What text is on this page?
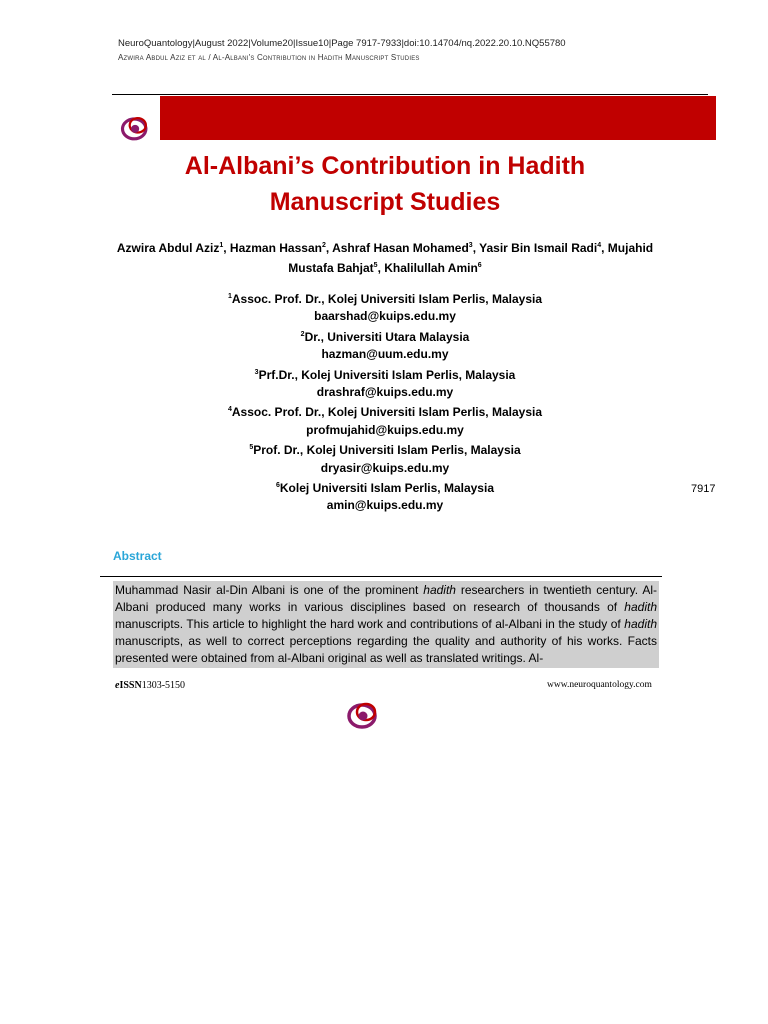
NeuroQuantology|August 2022|Volume20|Issue10|Page 7917-7933|doi:10.14704/nq.2022.20.10.NQ55780
Azwira Abdul Aziz et al / Al-Albani's Contribution in Hadith Manuscript Studies
Al-Albani’s Contribution in Hadith
Manuscript Studies
Azwira Abdul Aziz$^1$, Hazman Hassan$^2$, Ashraf Hasan Mohamed$^3$, Yasir Bin Ismail Radi$^4$, Mujahid Mustafa Bahjat$^5$, Khalilullah Amin$^6$
$^1$Assoc. Prof. Dr., Kolej Universiti Islam Perlis, Malaysia
baarshad@kuips.edu.my
$^2$Dr., Universiti Utara Malaysia
hazman@uum.edu.my
$^3$Prf.Dr., Kolej Universiti Islam Perlis, Malaysia
drashraf@kuips.edu.my
$^4$Assoc. Prof. Dr., Kolej Universiti Islam Perlis, Malaysia
profmujahid@kuips.edu.my
$^5$Prof. Dr., Kolej Universiti Islam Perlis, Malaysia
dryasir@kuips.edu.my
$^6$Kolej Universiti Islam Perlis, Malaysia
amin@kuips.edu.my
7917
Abstract
Muhammad Nasir al-Din Albani is one of the prominent hadith researchers in twentieth century. Al-Albani produced many works in various disciplines based on research of thousands of hadith manuscripts. This article to highlight the hard work and contributions of al-Albani in the study of hadith manuscripts, as well to correct perceptions regarding the quality and authority of his works. Facts presented were obtained from al-Albani original as well as translated writings. Al-
eISSN1303-5150	www.neuroquantology.com
